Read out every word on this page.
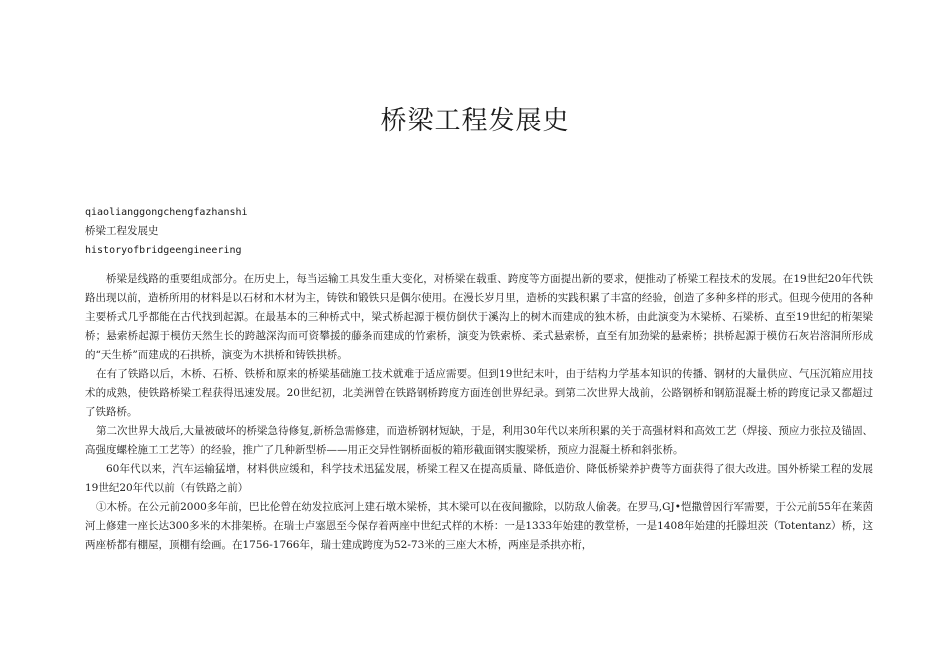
桥梁工程发展史
qiaolianggongchengfazhanshi
桥梁工程发展史
historyofbridgeengineering

桥梁是线路的重要组成部分。在历史上，每当运输工具发生重大变化，对桥梁在载重、跨度等方面提出新的要求，便推动了桥梁工程技术的发展。在19世纪20年代铁路出现以前，造桥所用的材料是以石材和木材为主，铸铁和锻铁只是偶尔使用。在漫长岁月里，造桥的实践积累了丰富的经验，创造了多种多样的形式。但现今使用的各种主要桥式几乎都能在古代找到起源。在最基本的三种桥式中，梁式桥起源于模仿倒伏于溪沟上的树木而建成的独木桥，由此演变为木梁桥、石梁桥、直至19世纪的桁架梁桥；悬索桥起源于模仿天然生长的跨越深沟而可资攀援的藤条而建成的竹索桥，演变为铁索桥、柔式悬索桥，直至有加劲梁的悬索桥；拱桥起源于模仿石灰岩溶洞所形成的“天生桥”而建成的石拱桥，演变为木拱桥和铸铁拱桥。

在有了铁路以后，木桥、石桥、铁桥和原来的桥梁基础施工技术就难于适应需要。但到19世纪末叶，由于结构力学基本知识的传播、钢材的大量供应、气压沉箱应用技术的成熟，使铁路桥梁工程获得迅速发展。20世纪初，北美洲曾在铁路钢桥跨度方面连创世界纪录。到第二次世界大战前，公路钢桥和钢筋混凝土桥的跨度记录又都超过了铁路桥。

第二次世界大战后,大量被破坏的桥梁急待修复,新桥急需修建，而造桥钢材短缺，于是，利用30年代以来所积累的关于高强材料和高效工艺（焊接、预应力张拉及锚固、高强度螺栓施工工艺等）的经验，推广了几种新型桥——用正交异性钢桥面板的箱形截面钢实腹梁桥，预应力混凝土桥和斜张桥。

60年代以来，汽车运输猛增，材料供应缓和，科学技术迅猛发展，桥梁工程又在提高质量、降低造价、降低桥梁养护费等方面获得了很大改进。国外桥梁工程的发展19世纪20年代以前（有铁路之前）

①木桥。在公元前2000多年前，巴比伦曾在幼发拉底河上建石墩木梁桥，其木梁可以在夜间撤除，以防敌人偷袭。在罗马,GJ•恺撒曾因行军需要，于公元前55年在莱茵河上修建一座长达300多米的木排架桥。在瑞士卢塞恩至今保存着两座中世纪式样的木桥：一是1333年始建的教堂桥，一是1408年始建的托滕坦茨（Totentanz）桥，这两座桥都有棚屋，顶棚有绘画。在1756-1766年，瑞士建成跨度为52-73米的三座大木桥，两座是杀拱亦桁，
